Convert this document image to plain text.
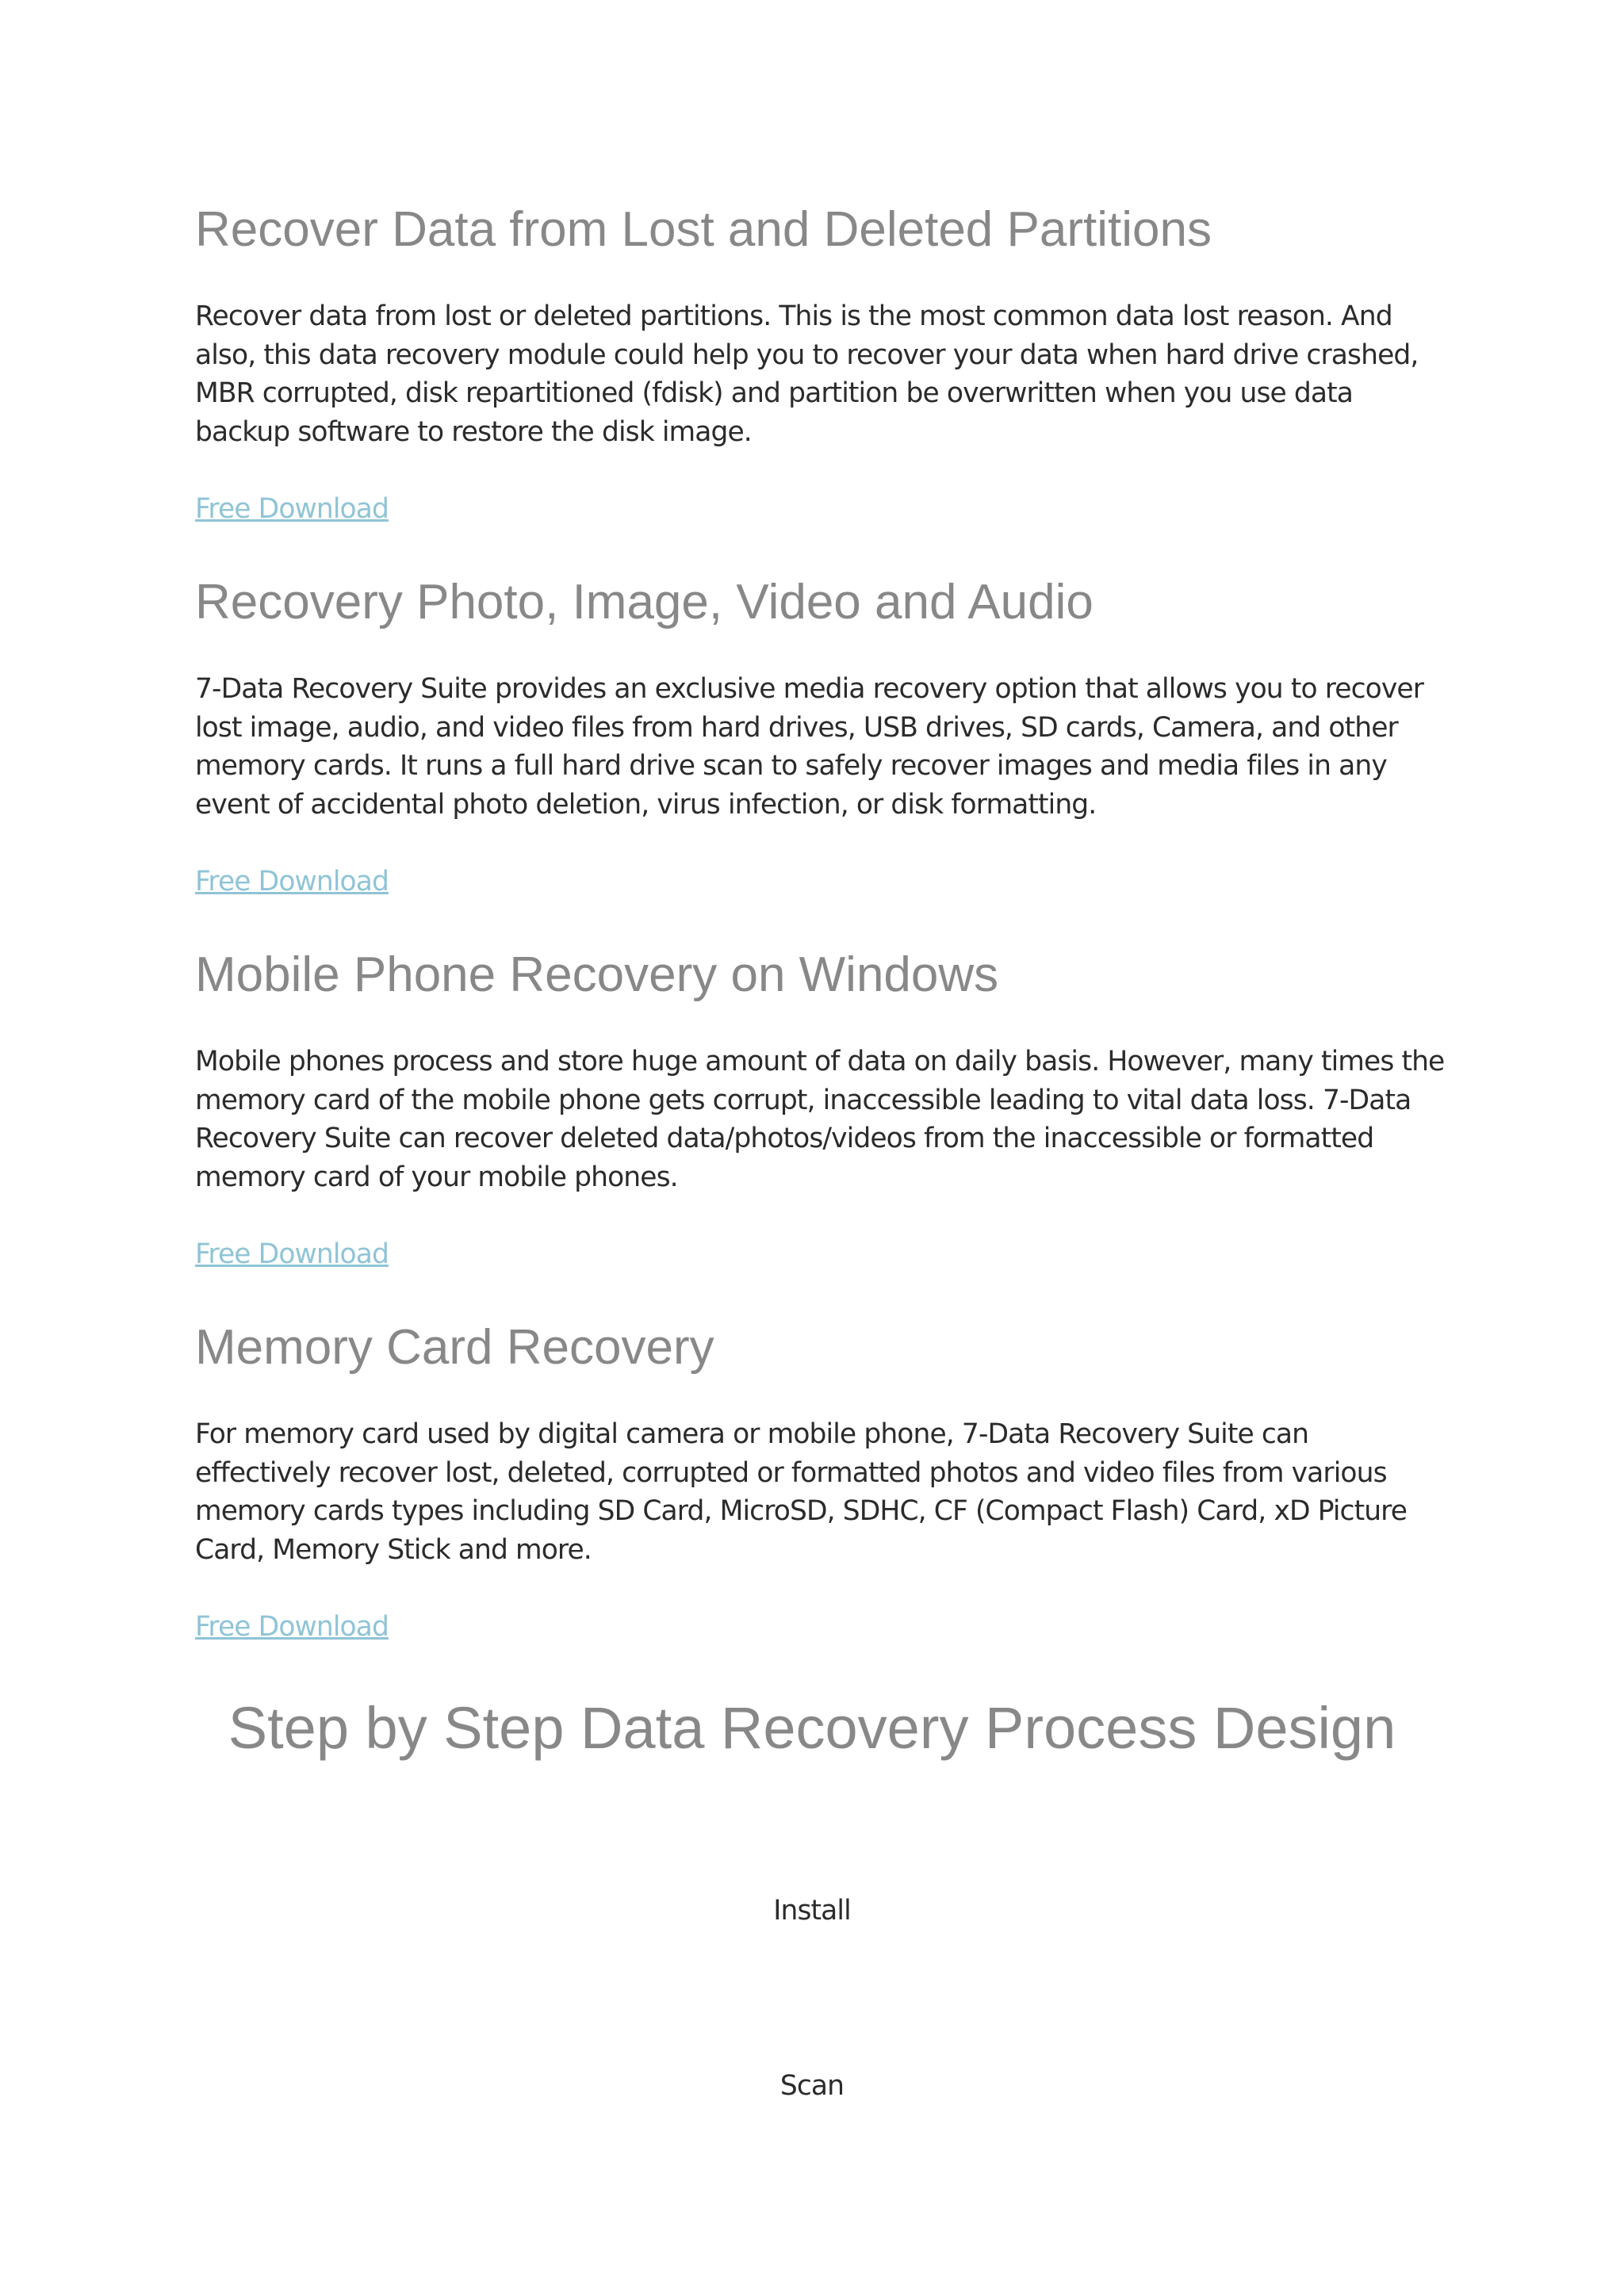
Recover Data from Lost and Deleted Partitions

Recover data from lost or deleted partitions. This is the most common data lost reason. And also, this data recovery module could help you to recover your data when hard drive crashed, MBR corrupted, disk repartitioned (fdisk) and partition be overwritten when you use data backup software to restore the disk image.

Free Download
Recovery Photo, Image, Video and Audio

7-Data Recovery Suite provides an exclusive media recovery option that allows you to recover lost image, audio, and video files from hard drives, USB drives, SD cards, Camera, and other memory cards. It runs a full hard drive scan to safely recover images and media files in any event of accidental photo deletion, virus infection, or disk formatting.

Free Download
Mobile Phone Recovery on Windows

Mobile phones process and store huge amount of data on daily basis. However, many times the memory card of the mobile phone gets corrupt, inaccessible leading to vital data loss. 7-Data Recovery Suite can recover deleted data/photos/videos from the inaccessible or formatted memory card of your mobile phones.

Free Download
Memory Card Recovery

For memory card used by digital camera or mobile phone, 7-Data Recovery Suite can effectively recover lost, deleted, corrupted or formatted photos and video files from various memory cards types including SD Card, MicroSD, SDHC, CF (Compact Flash) Card, xD Picture Card, Memory Stick and more.

Free Download
Step by Step Data Recovery Process Design
Install
Scan
